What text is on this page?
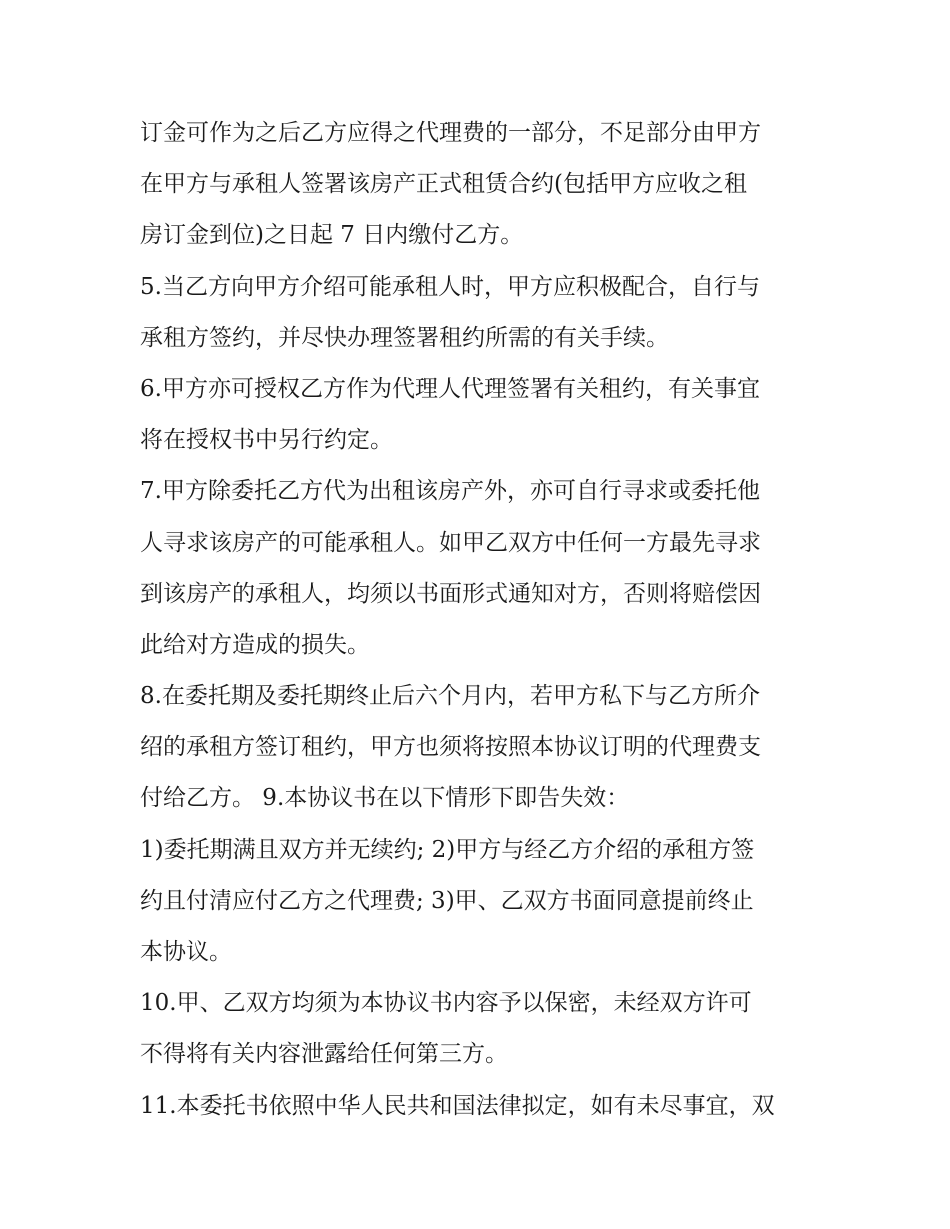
订金可作为之后乙方应得之代理费的一部分，不足部分由甲方
在甲方与承租人签署该房产正式租赁合约(包括甲方应收之租
房订金到位)之日起 7 日内缴付乙方。
5.当乙方向甲方介绍可能承租人时，甲方应积极配合，自行与
承租方签约，并尽快办理签署租约所需的有关手续。
6.甲方亦可授权乙方作为代理人代理签署有关租约，有关事宜
将在授权书中另行约定。
7.甲方除委托乙方代为出租该房产外，亦可自行寻求或委托他
人寻求该房产的可能承租人。如甲乙双方中任何一方最先寻求
到该房产的承租人，均须以书面形式通知对方，否则将赔偿因
此给对方造成的损失。
8.在委托期及委托期终止后六个月内，若甲方私下与乙方所介
绍的承租方签订租约，甲方也须将按照本协议订明的代理费支
付给乙方。 9.本协议书在以下情形下即告失效：
1)委托期满且双方并无续约; 2)甲方与经乙方介绍的承租方签
约且付清应付乙方之代理费; 3)甲、乙双方书面同意提前终止
本协议。
10.甲、乙双方均须为本协议书内容予以保密，未经双方许可
不得将有关内容泄露给任何第三方。
11.本委托书依照中华人民共和国法律拟定，如有未尽事宜，双
